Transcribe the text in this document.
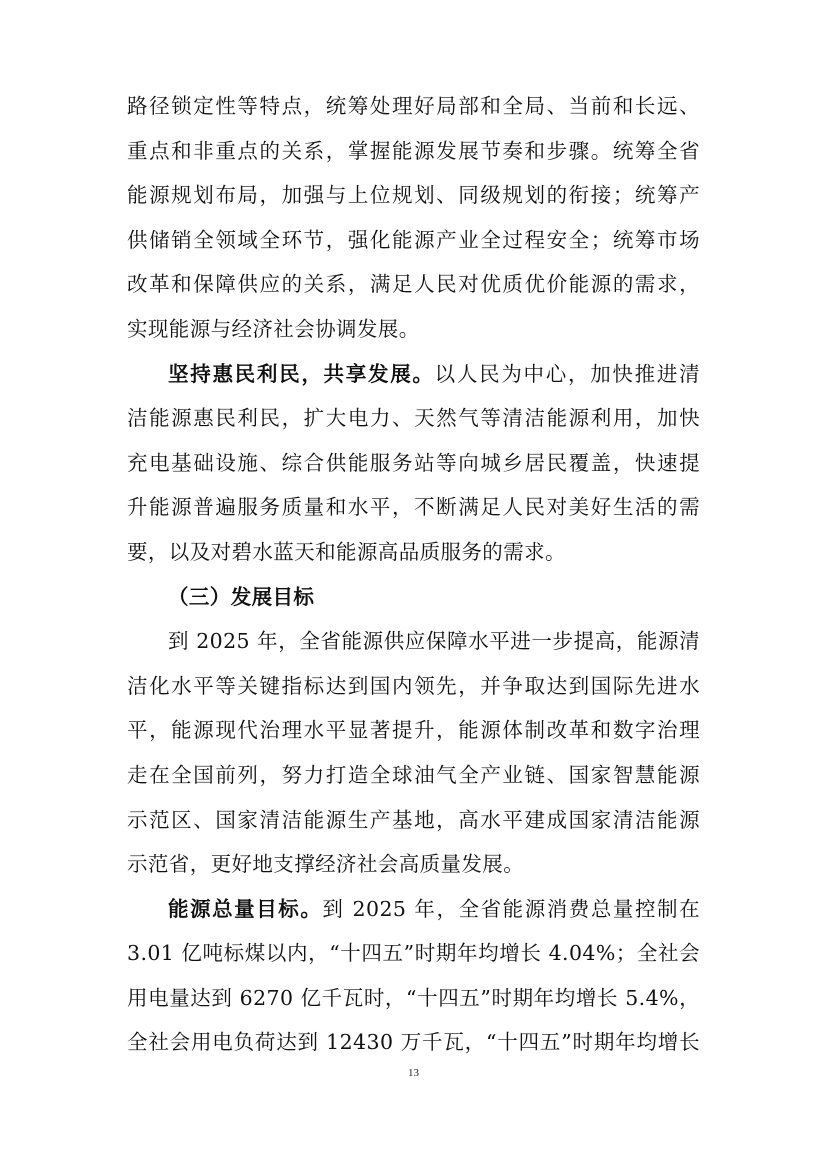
路径锁定性等特点，统筹处理好局部和全局、当前和长远、

重点和非重点的关系，掌握能源发展节奏和步骤。统筹全省

能源规划布局，加强与上位规划、同级规划的衔接；统筹产

供储销全领域全环节，强化能源产业全过程安全；统筹市场

改革和保障供应的关系，满足人民对优质优价能源的需求，

实现能源与经济社会协调发展。

坚持惠民利民，共享发展。以人民为中心，加快推进清

洁能源惠民利民，扩大电力、天然气等清洁能源利用，加快

充电基础设施、综合供能服务站等向城乡居民覆盖，快速提

升能源普遍服务质量和水平，不断满足人民对美好生活的需

要，以及对碧水蓝天和能源高品质服务的需求。

（三）发展目标

到 2025 年，全省能源供应保障水平进一步提高，能源清

洁化水平等关键指标达到国内领先，并争取达到国际先进水

平，能源现代治理水平显著提升，能源体制改革和数字治理

走在全国前列，努力打造全球油气全产业链、国家智慧能源

示范区、国家清洁能源生产基地，高水平建成国家清洁能源

示范省，更好地支撑经济社会高质量发展。

能源总量目标。到 2025 年，全省能源消费总量控制在

3.01 亿吨标煤以内，“十四五”时期年均增长 4.04%；全社会

用电量达到 6270 亿千瓦时，“十四五”时期年均增长 5.4%，

全社会用电负荷达到 12430 万千瓦，“十四五”时期年均增长

13
